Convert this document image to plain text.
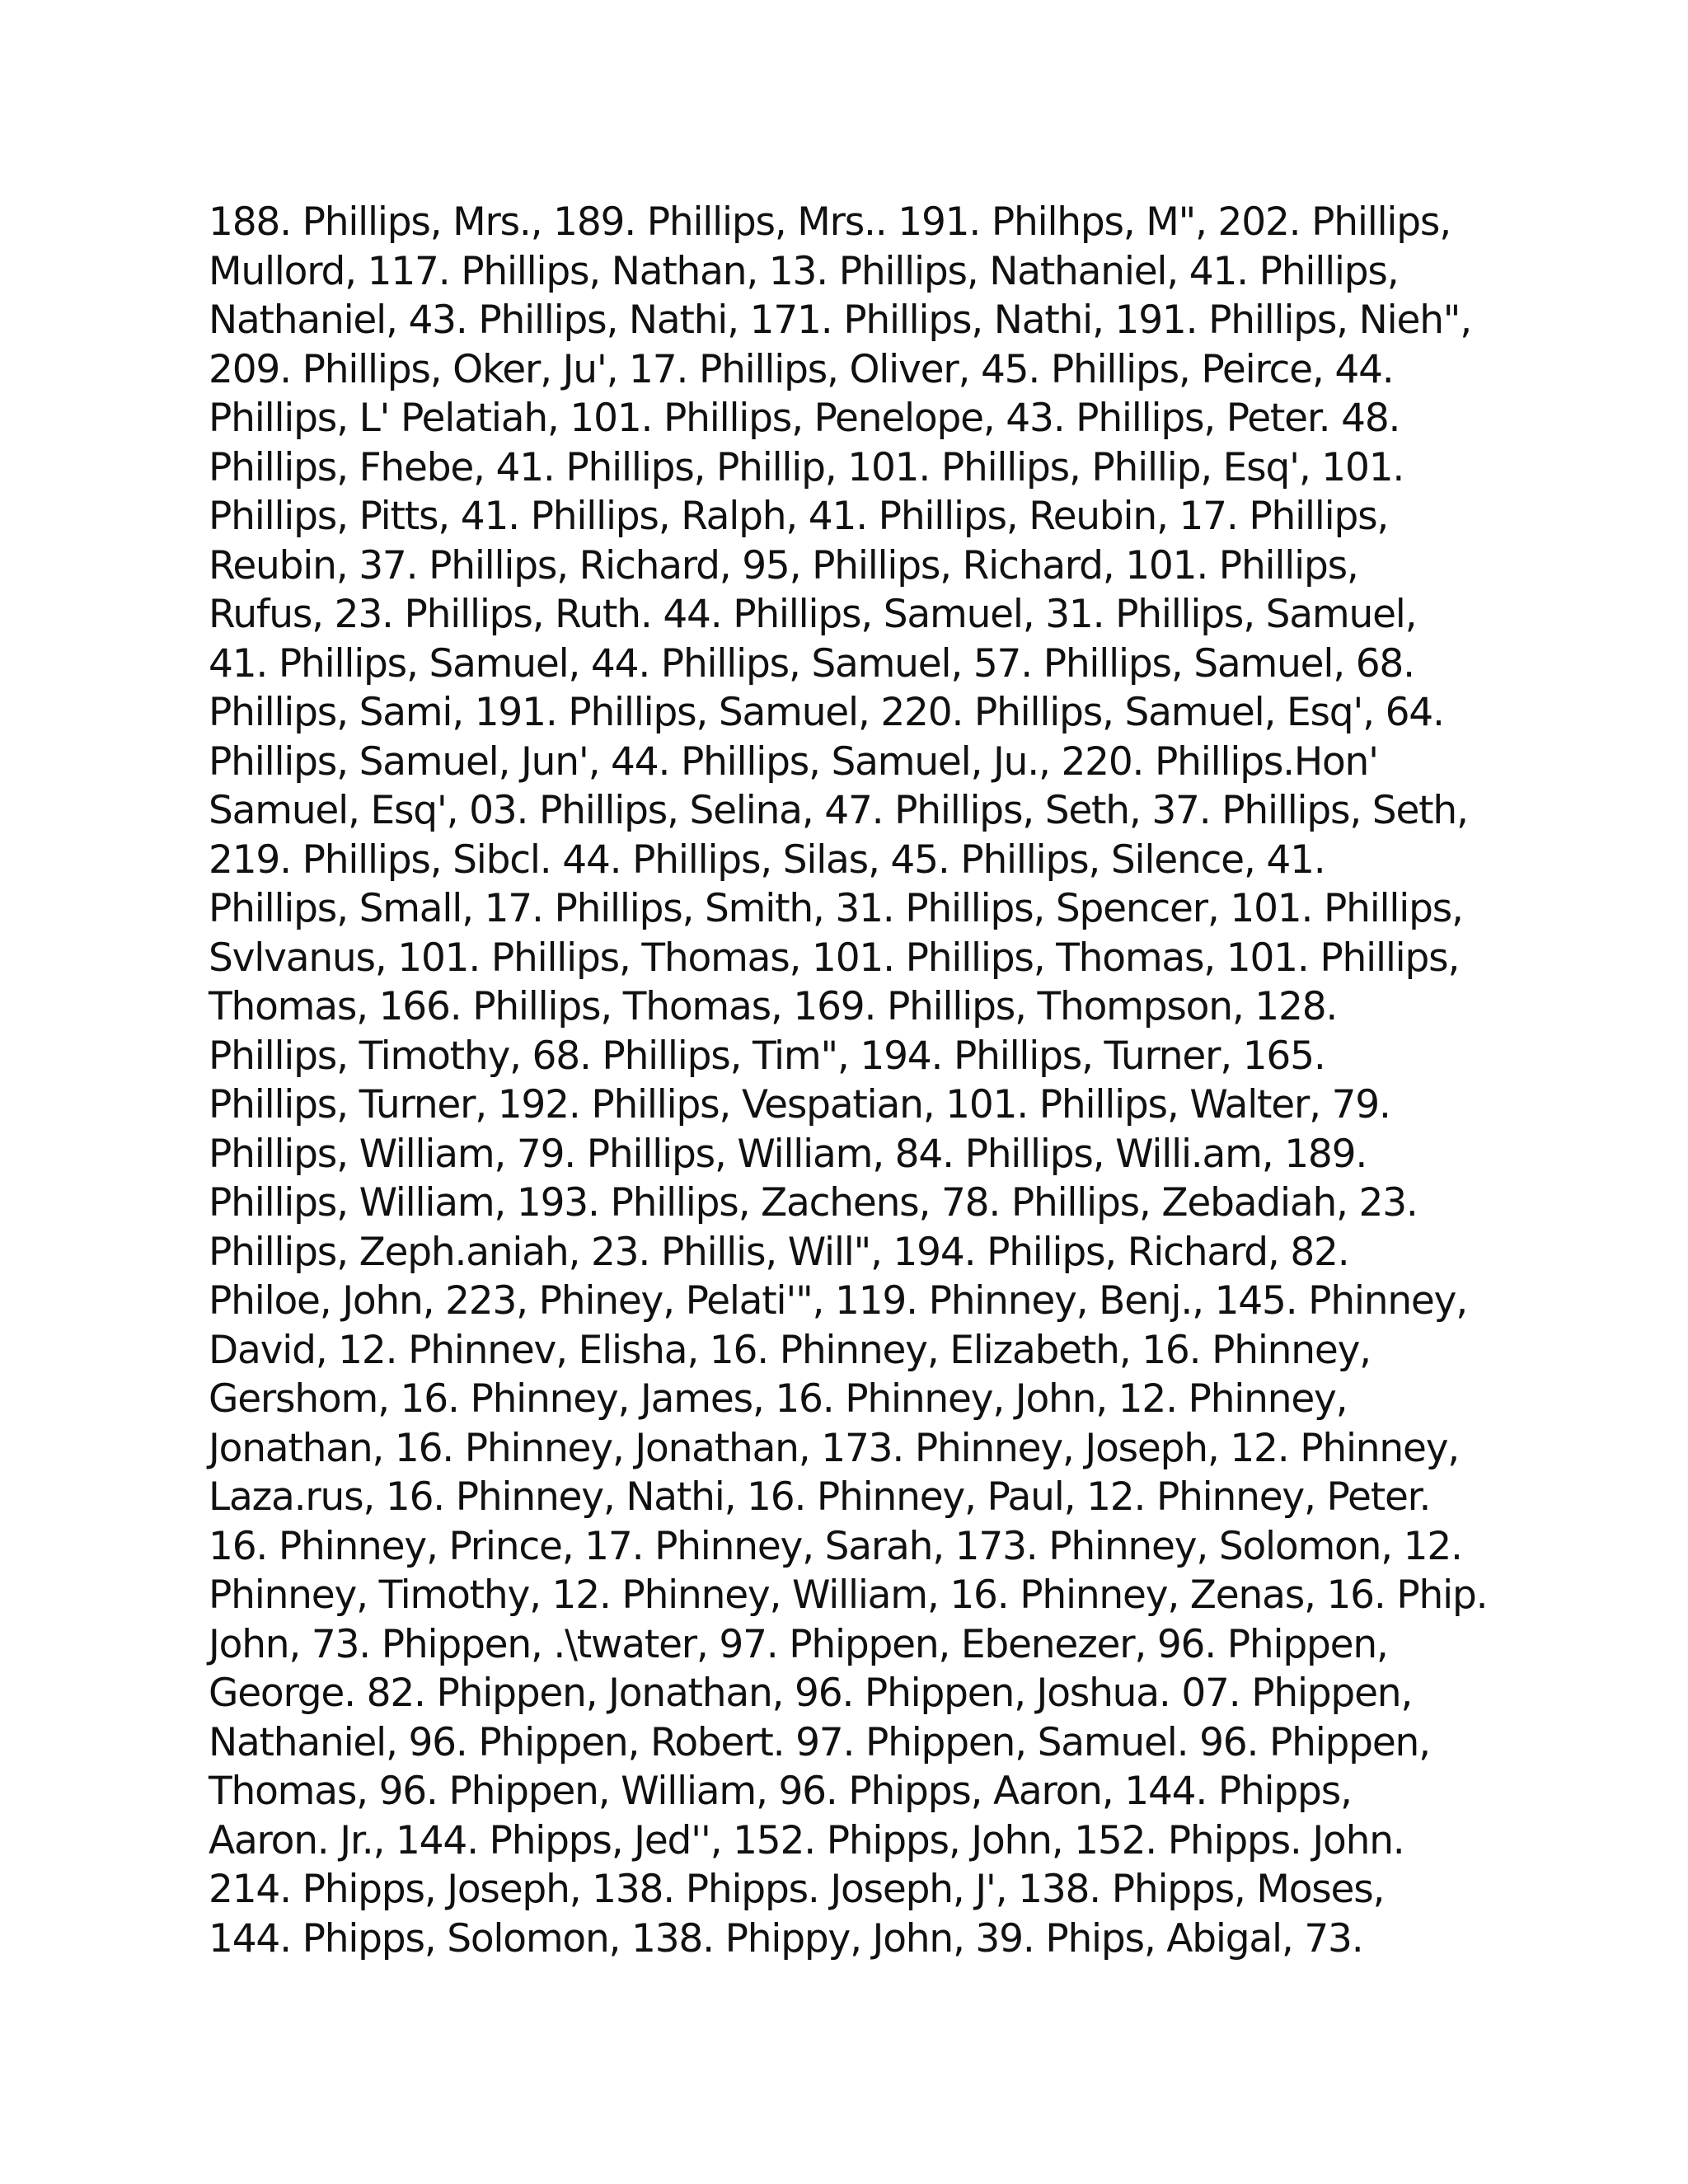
188. Phillips, Mrs., 189. Phillips, Mrs.. 191. Philhps, M", 202. Phillips,
Mullord, 117. Phillips, Nathan, 13. Phillips, Nathaniel, 41. Phillips,
Nathaniel, 43. Phillips, Nathi, 171. Phillips, Nathi, 191. Phillips, Nieh",
209. Phillips, Oker, Ju', 17. Phillips, Oliver, 45. Phillips, Peirce, 44.
Phillips, L' Pelatiah, 101. Phillips, Penelope, 43. Phillips, Peter. 48.
Phillips, Fhebe, 41. Phillips, Phillip, 101. Phillips, Phillip, Esq', 101.
Phillips, Pitts, 41. Phillips, Ralph, 41. Phillips, Reubin, 17. Phillips,
Reubin, 37. Phillips, Richard, 95, Phillips, Richard, 101. Phillips,
Rufus, 23. Phillips, Ruth. 44. Phillips, Samuel, 31. Phillips, Samuel,
41. Phillips, Samuel, 44. Phillips, Samuel, 57. Phillips, Samuel, 68.
Phillips, Sami, 191. Phillips, Samuel, 220. Phillips, Samuel, Esq', 64.
Phillips, Samuel, Jun', 44. Phillips, Samuel, Ju., 220. Phillips.Hon'
Samuel, Esq', 03. Phillips, Selina, 47. Phillips, Seth, 37. Phillips, Seth,
219. Phillips, Sibcl. 44. Phillips, Silas, 45. Phillips, Silence, 41.
Phillips, Small, 17. Phillips, Smith, 31. Phillips, Spencer, 101. Phillips,
Svlvanus, 101. Phillips, Thomas, 101. Phillips, Thomas, 101. Phillips,
Thomas, 166. Phillips, Thomas, 169. Phillips, Thompson, 128.
Phillips, Timothy, 68. Phillips, Tim", 194. Phillips, Turner, 165.
Phillips, Turner, 192. Phillips, Vespatian, 101. Phillips, Walter, 79.
Phillips, William, 79. Phillips, William, 84. Phillips, Willi.am, 189.
Phillips, William, 193. Phillips, Zachens, 78. Phillips, Zebadiah, 23.
Phillips, Zeph.aniah, 23. Phillis, Will", 194. Philips, Richard, 82.
Philoe, John, 223, Phiney, Pelati'", 119. Phinney, Benj., 145. Phinney,
David, 12. Phinnev, Elisha, 16. Phinney, Elizabeth, 16. Phinney,
Gershom, 16. Phinney, James, 16. Phinney, John, 12. Phinney,
Jonathan, 16. Phinney, Jonathan, 173. Phinney, Joseph, 12. Phinney,
Laza.rus, 16. Phinney, Nathi, 16. Phinney, Paul, 12. Phinney, Peter.
16. Phinney, Prince, 17. Phinney, Sarah, 173. Phinney, Solomon, 12.
Phinney, Timothy, 12. Phinney, William, 16. Phinney, Zenas, 16. Phip.
John, 73. Phippen, .\twater, 97. Phippen, Ebenezer, 96. Phippen,
George. 82. Phippen, Jonathan, 96. Phippen, Joshua. 07. Phippen,
Nathaniel, 96. Phippen, Robert. 97. Phippen, Samuel. 96. Phippen,
Thomas, 96. Phippen, William, 96. Phipps, Aaron, 144. Phipps,
Aaron. Jr., 144. Phipps, Jed'', 152. Phipps, John, 152. Phipps. John.
214. Phipps, Joseph, 138. Phipps. Joseph, J', 138. Phipps, Moses,
144. Phipps, Solomon, 138. Phippy, John, 39. Phips, Abigal, 73.
